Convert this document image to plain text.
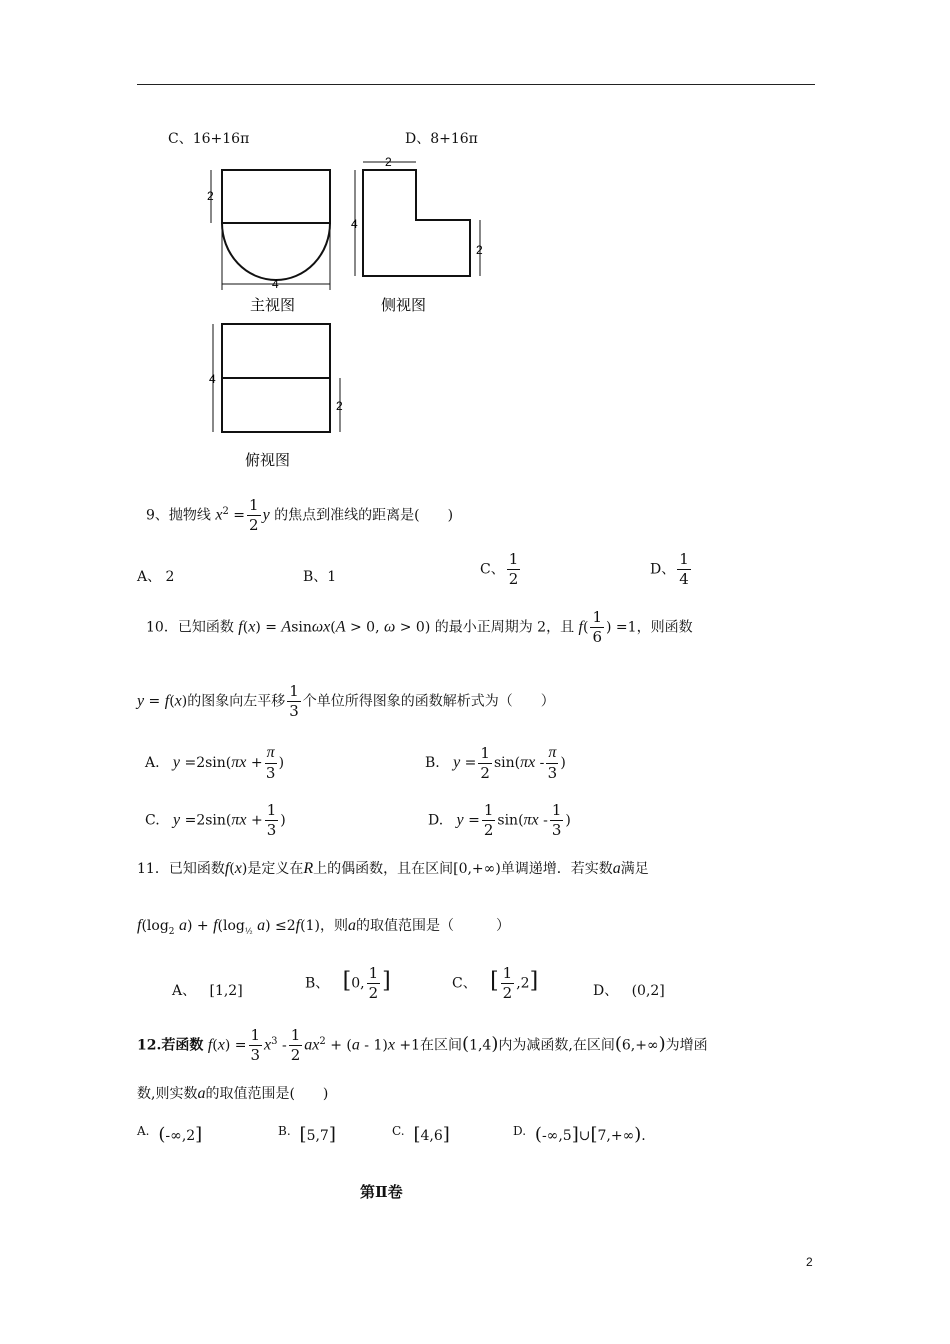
C、16+16π	D、8+16π
2
4
主视图
2
4
2
侧视图
4
2
俯视图
9、抛物线 $x^2 = \frac{1}{2}$ y 的焦点到准线的距离是(　　)
A、 2	B、1	C、 $\frac{1}{2}$	D、 $\frac{1}{4}$
10．已知函数 f(x) = Asinωx(A > 0, ω > 0) 的最小正周期为 2，且 $f( \frac{1}{6}$ ) =1，则函数
y = f(x)的图象向左平移 $\frac{1}{3}$ 个单位所得图象的函数解析式为（　　）
A. $y =2\sin(\pi x + \frac{\pi}{3}$ )	B. $y = \frac{1}{2} \sin(\pi x - \frac{\pi}{3}$ )
C. $y =2\sin(\pi x + \frac{1}{3}$ )	D. $y = \frac{1}{2} \sin(\pi x - \frac{1}{3}$ )
11．已知函数f(x)是定义在R上的偶函数，且在区间[0,+∞)单调递增．若实数a满足
$f(\log_2$ $a) + f(\log_{\frac{1}{2}}$ a) ≤2f(1)，则a的取值范围是（　　　）
A、   [1,2]	B、 [0, $\frac{1}{2}$ ]	C、 [ $\frac{1}{2} ,2$]	D、   (0,2]
12.若函数 $f(x) = \frac{1}{3} x^3 - \frac{1}{2} ax^2 + (a - 1)x +1$在区间(1,4)内为减函数,在区间(6,+∞)为增函
数,则实数a的取值范围是(　　)
A. (-∞,2]	B. [5,7]	C. [4,6]	D. (-∞,5]∪[7,+∞).
第Ⅱ卷
2
